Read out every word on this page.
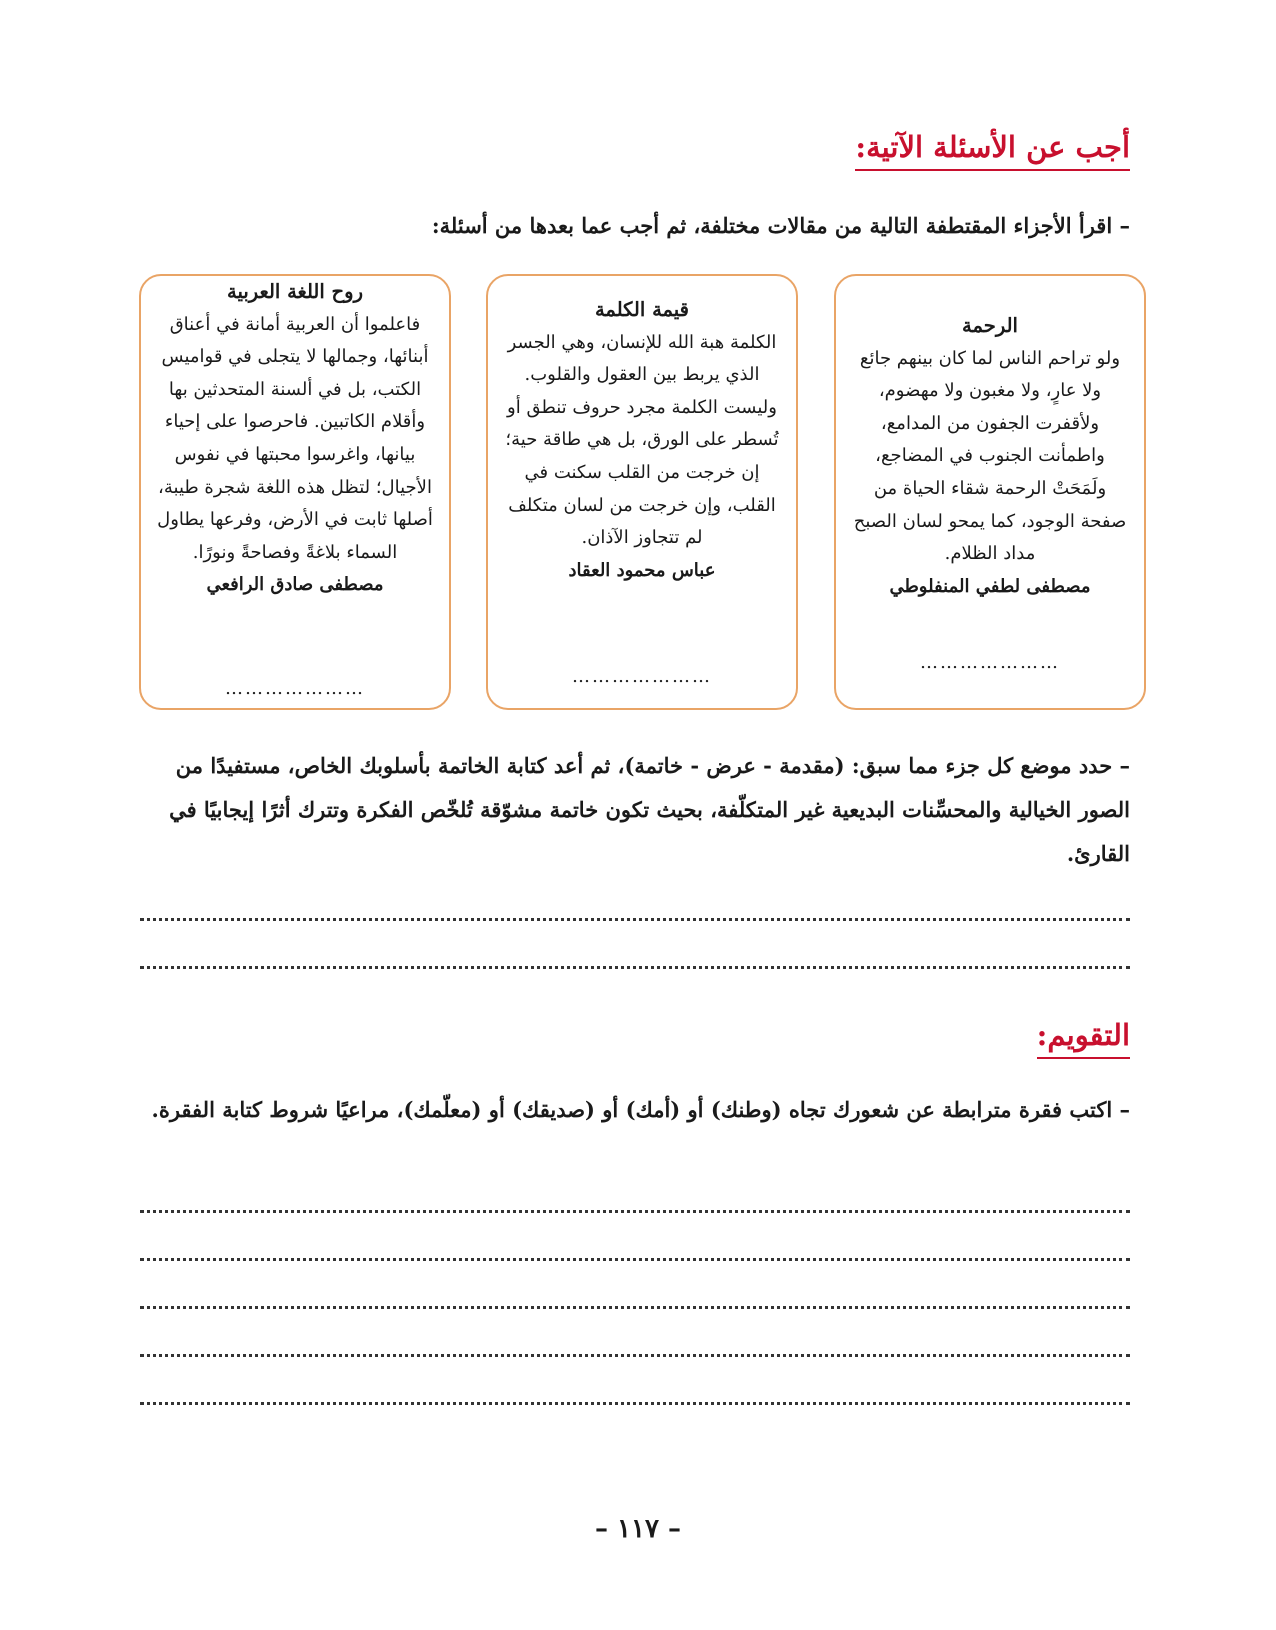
أجب عن الأسئلة الآتية:
– اقرأ الأجزاء المقتطفة التالية من مقالات مختلفة، ثم أجب عما بعدها من أسئلة:
الرحمة
ولو تراحم الناس لما كان بينهم جائع ولا عارٍ، ولا مغبون ولا مهضوم، ولأقفرت الجفون من المدامع، واطمأنت الجنوب في المضاجع، ولَمَحَتْ الرحمة شقاء الحياة من صفحة الوجود، كما يمحو لسان الصبح مداد الظلام.
مصطفى لطفي المنفلوطي
…………………
قيمة الكلمة
الكلمة هبة الله للإنسان، وهي الجسر الذي يربط بين العقول والقلوب. وليست الكلمة مجرد حروف تنطق أو تُسطر على الورق، بل هي طاقة حية؛ إن خرجت من القلب سكنت في القلب، وإن خرجت من لسان متكلف لم تتجاوز الآذان.
عباس محمود العقاد
…………………
روح اللغة العربية
فاعلموا أن العربية أمانة في أعناق أبنائها، وجمالها لا يتجلى في قواميس الكتب، بل في ألسنة المتحدثين بها وأقلام الكاتبين. فاحرصوا على إحياء بيانها، واغرسوا محبتها في نفوس الأجيال؛ لتظل هذه اللغة شجرة طيبة، أصلها ثابت في الأرض، وفرعها يطاول السماء بلاغةً وفصاحةً ونورًا.
مصطفى صادق الرافعي
…………………
– حدد موضع كل جزء مما سبق: (مقدمة - عرض - خاتمة)، ثم أعد كتابة الخاتمة بأسلوبك الخاص، مستفيدًا من الصور الخيالية والمحسِّنات البديعية غير المتكلّفة، بحيث تكون خاتمة مشوّقة تُلخّص الفكرة وتترك أثرًا إيجابيًا في القارئ.
التقويم:
– اكتب فقرة مترابطة عن شعورك تجاه (وطنك) أو (أمك) أو (صديقك) أو (معلّمك)، مراعيًا شروط كتابة الفقرة.
– ١١٧ –
